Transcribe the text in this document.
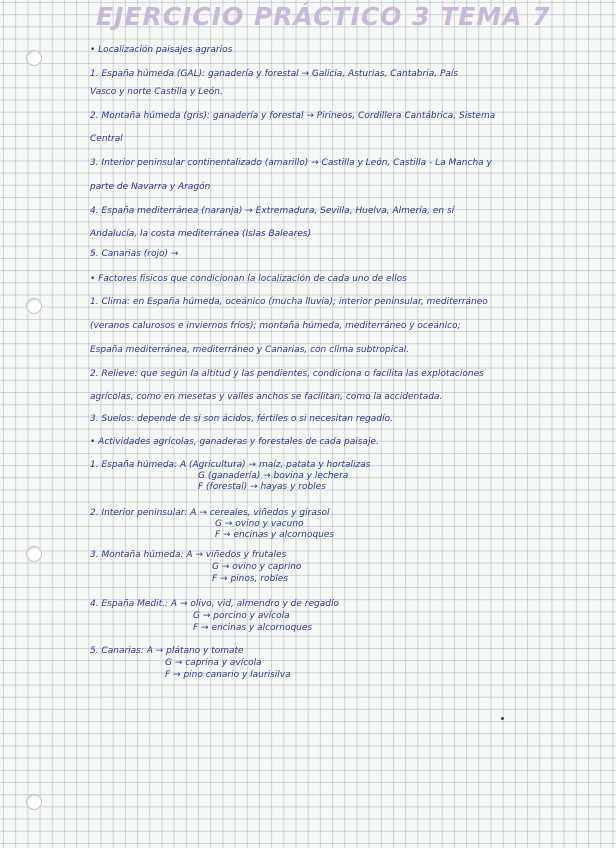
EJERCICIO PRÁCTICO 3 TEMA 7
• Localización paisajes agrarios
1. España húmeda (GAL): ganadería y forestal → Galicia, Asturias, Cantabria, País
Vasco y norte Castilla y León.
2. Montaña húmeda (gris): ganadería y forestal → Pirineos, Cordillera Cantábrica, Sistema
Central
3. Interior peninsular continentalizado (amarillo) → Castilla y León, Castilla - La Mancha y
parte de Navarra y Aragón
4. España mediterránea (naranja) → Extremadura, Sevilla, Huelva, Almería, en sí
Andalucía, la costa mediterránea (Islas Baleares)
5. Canarias (rojo) →
• Factores físicos que condicionan la localización de cada uno de ellos
1. Clima: en España húmeda, oceánico (mucha lluvia); interior peninsular, mediterráneo
(veranos calurosos e inviernos fríos); montaña húmeda, mediterráneo y oceánico;
España mediterránea, mediterráneo y Canarias, con clima subtropical.
2. Relieve: que según la altitud y las pendientes, condiciona o facilita las explotaciones
agrícolas, como en mesetas y valles anchos se facilitan, como la accidentada.
3. Suelos: depende de si son ácidos, fértiles o si necesitan regadío.
• Actividades agrícolas, ganaderas y forestales de cada paisaje.
1. España húmeda: A (Agricultura) → maíz, patata y hortalizas
G (ganadería) → bovina y lechera
F (forestal) → hayas y robles
2. Interior peninsular: A → cereales, viñedos y girasol
G → ovino y vacuno
F → encinas y alcornoques
3. Montaña húmeda: A → viñedos y frutales
G → ovino y caprino
F → pinos, robles
4. España Medit.: A → olivo, vid, almendro y de regadío
G → porcino y avícola
F → encinas y alcornoques
5. Canarias: A → plátano y tomate
G → caprina y avícola
F → pino canario y laurisilva
